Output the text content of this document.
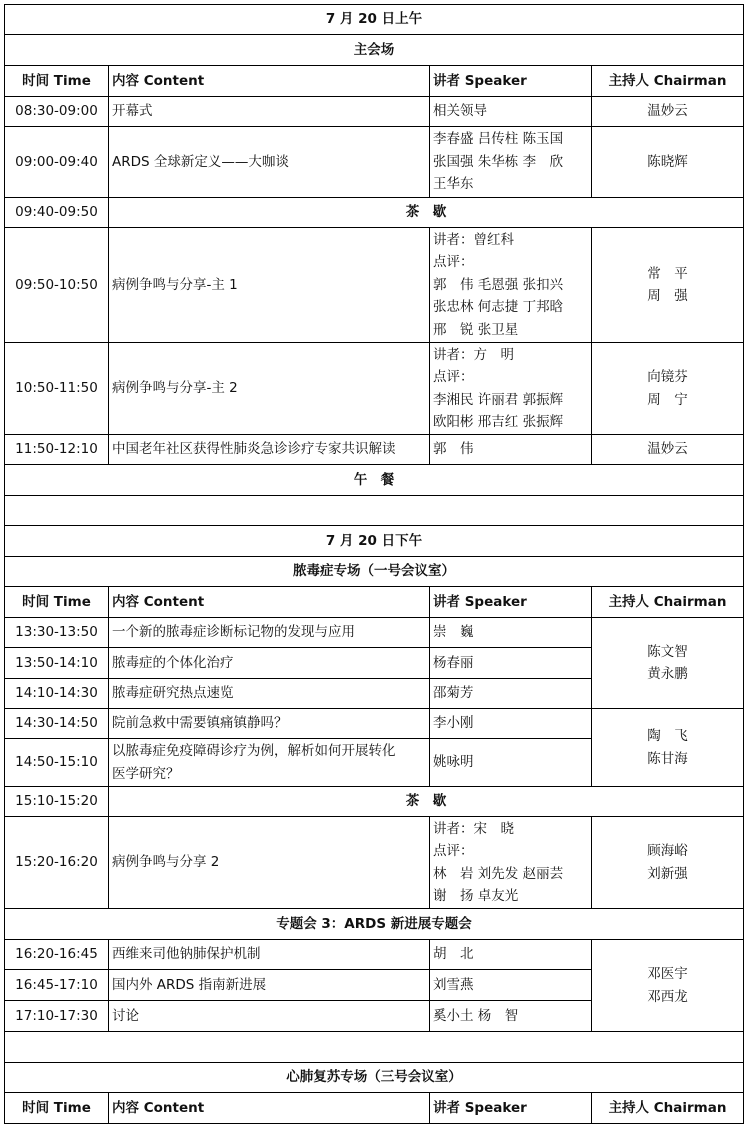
7 月 20 日上午			
主会场			
时间 Time	内容 Content	讲者 Speaker	主持人 Chairman
08:30-09:00	开幕式	相关领导	温妙云
09:00-09:40	ARDS 全球新定义——大咖谈	李春盛 吕传柱 陈玉国
张国强 朱华栋 李　欣
王华东	陈晓辉
09:40-09:50	茶　歇		
09:50-10:50	病例争鸣与分享-主 1	讲者：曾红科
点评：
郭　伟 毛恩强 张扣兴
张忠林 何志捷 丁邦晗
邢　锐 张卫星	常　平
周　强

10:50-11:50	病例争鸣与分享-主 2	讲者：方　明
点评：
李湘民 许丽君 郭振辉
欧阳彬 邢吉红 张振辉	向镜芬
周　宁

11:50-12:10	中国老年社区获得性肺炎急诊诊疗专家共识解读	郭　伟	温妙云
午　餐			

7 月 20 日下午			
脓毒症专场（一号会议室）			
时间 Time	内容 Content	讲者 Speaker	主持人 Chairman
13:30-13:50	一个新的脓毒症诊断标记物的发现与应用	崇　巍	陈文智
黄永鹏

13:50-14:10	脓毒症的个体化治疗	杨春丽	
14:10-14:30	脓毒症研究热点速览	邵菊芳	
14:30-14:50	院前急救中需要镇痛镇静吗？	李小刚	陶　飞
陈甘海

14:50-15:10	以脓毒症免疫障碍诊疗为例，解析如何开展转化
医学研究？	姚咏明	
15:10-15:20	茶　歇		
15:20-16:20	病例争鸣与分享 2	讲者：宋　晓
点评：
林　岩 刘先发 赵丽芸
谢　扬 卓友光	顾海峪
刘新强

专题会 3：ARDS 新进展专题会			
16:20-16:45	西维来司他钠肺保护机制	胡　北	邓医宇
邓西龙

16:45-17:10	国内外 ARDS 指南新进展	刘雪燕	
17:10-17:30	讨论	奚小土 杨　智	

心肺复苏专场（三号会议室）			
时间 Time	内容 Content	讲者 Speaker	主持人 Chairman
